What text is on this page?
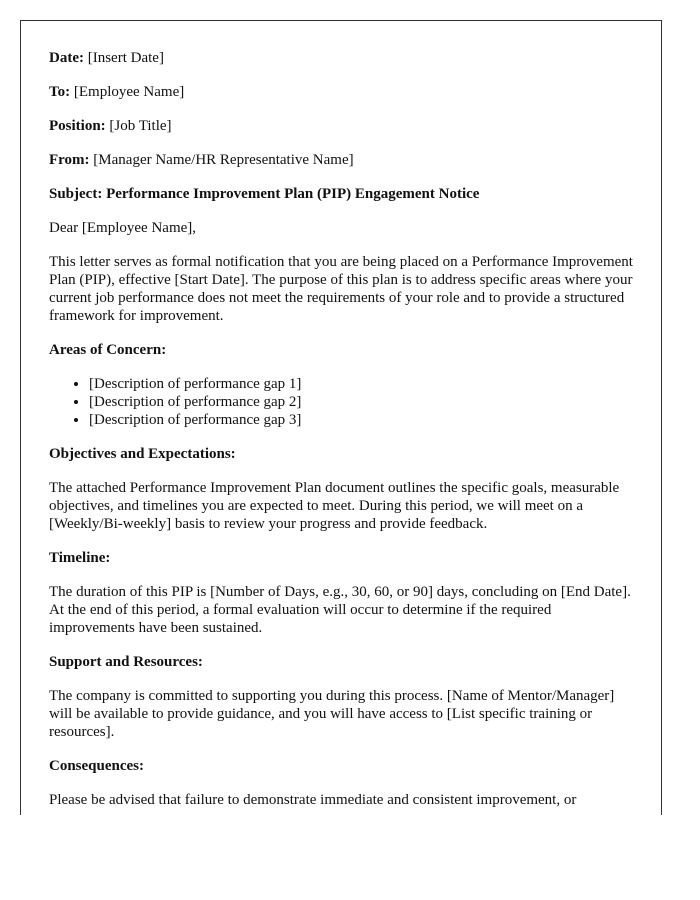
Date: [Insert Date]

To: [Employee Name]

Position: [Job Title]

From: [Manager Name/HR Representative Name]

Subject: Performance Improvement Plan (PIP) Engagement Notice

Dear [Employee Name],

This letter serves as formal notification that you are being placed on a Performance Improvement Plan (PIP), effective [Start Date]. The purpose of this plan is to address specific areas where your current job performance does not meet the requirements of your role and to provide a structured framework for improvement.

Areas of Concern:

• [Description of performance gap 1]
• [Description of performance gap 2]
• [Description of performance gap 3]

Objectives and Expectations:

The attached Performance Improvement Plan document outlines the specific goals, measurable objectives, and timelines you are expected to meet. During this period, we will meet on a [Weekly/Bi-weekly] basis to review your progress and provide feedback.

Timeline:

The duration of this PIP is [Number of Days, e.g., 30, 60, or 90] days, concluding on [End Date]. At the end of this period, a formal evaluation will occur to determine if the required improvements have been sustained.

Support and Resources:

The company is committed to supporting you during this process. [Name of Mentor/Manager] will be available to provide guidance, and you will have access to [List specific training or resources].

Consequences:

Please be advised that failure to demonstrate immediate and consistent improvement, or
